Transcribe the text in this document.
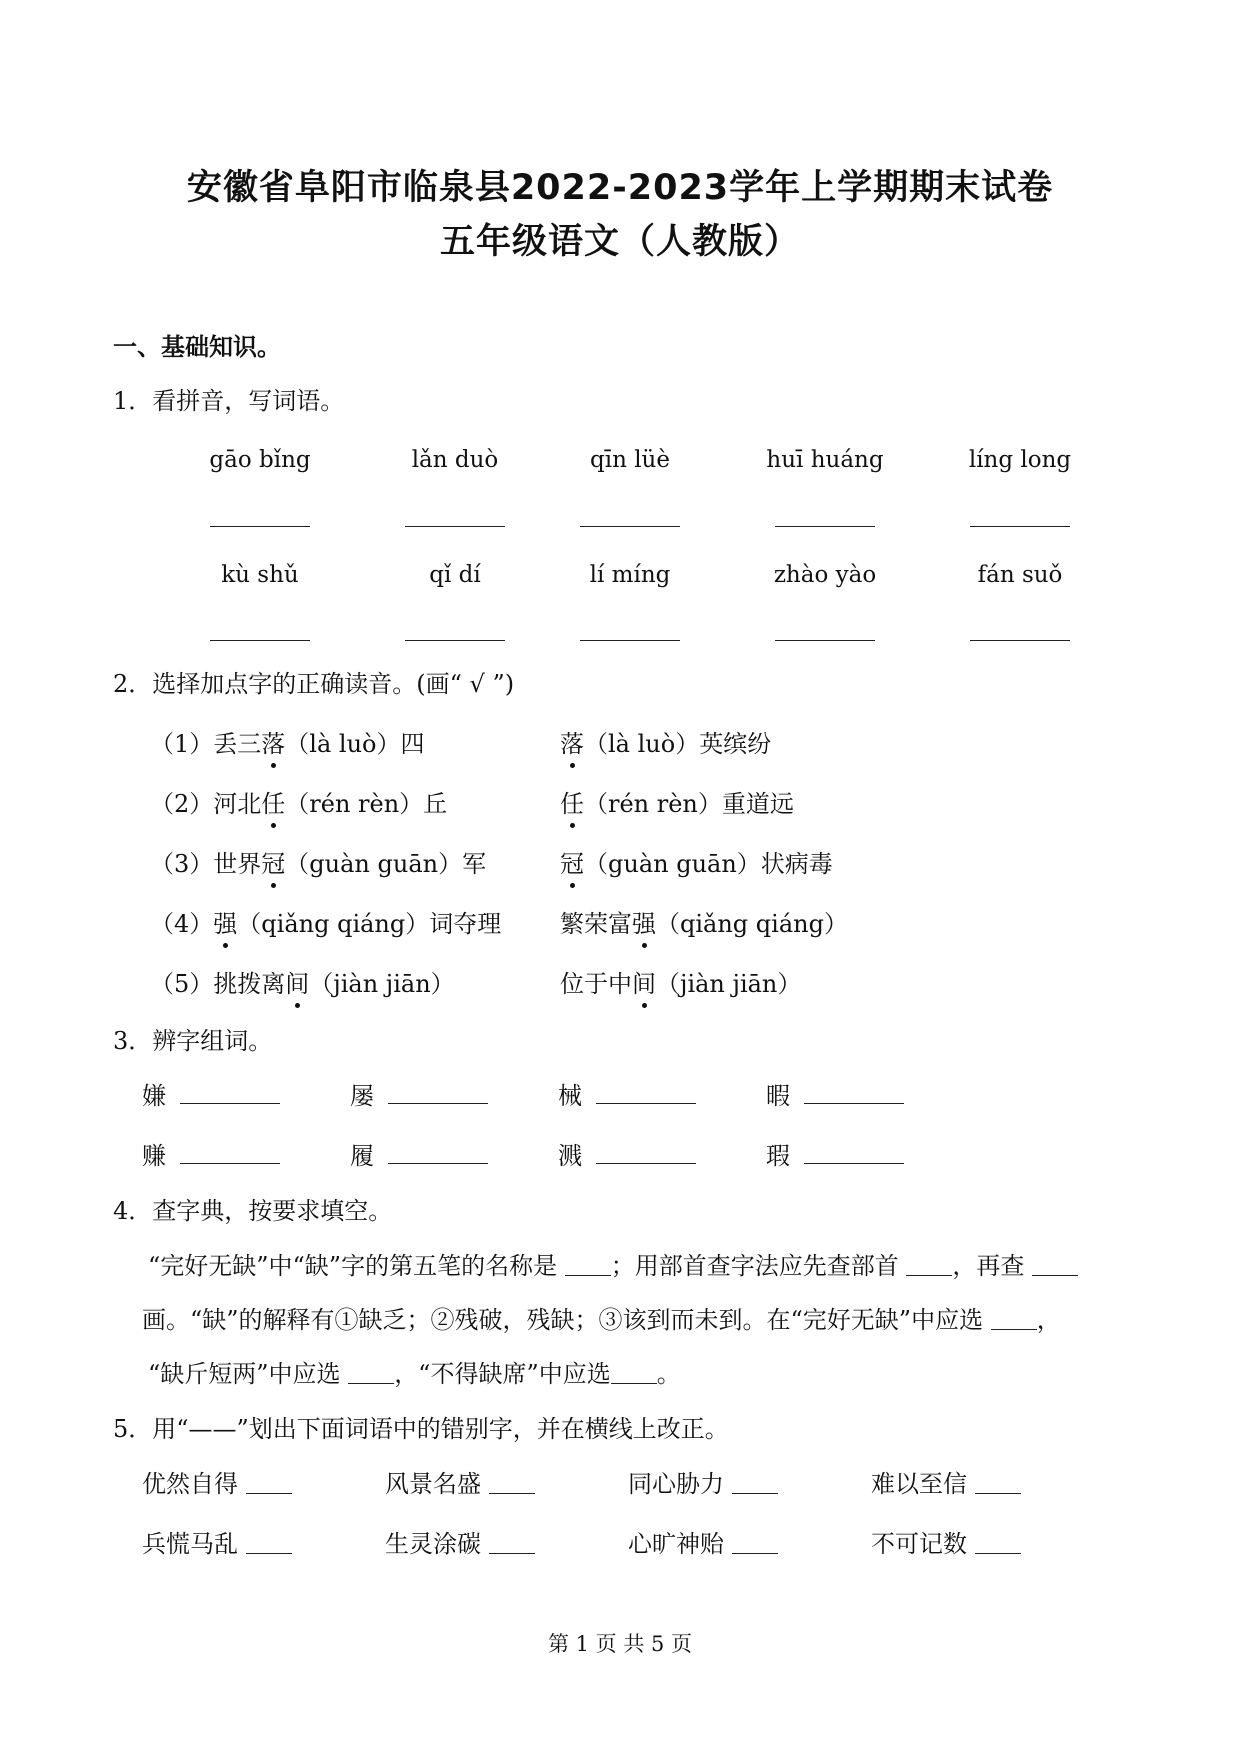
安徽省阜阳市临泉县2022-2023学年上学期期末试卷
五年级语文（人教版）
一、基础知识。
1．看拼音，写词语。
gāo bǐng	lǎn duò	qīn lüè	huī huáng	líng long
kù shǔ	qǐ dí	lí míng	zhào yào	fán suǒ
2．选择加点字的正确读音。(画“ √ ”)
（1）丢三落（là luò）四	落（là luò）英缤纷
（2）河北任（rén rèn）丘	任（rén rèn）重道远
（3）世界冠（guàn guān）军	冠（guàn guān）状病毒
（4）强（qiǎng qiáng）词夺理 繁荣富强（qiǎng qiáng）
（5）挑拨离间（jiàn jiān）	位于中间（jiàn jiān）
3．辨字组词。
嫌	屡	械	暇
赚	履	溅	瑕
4．查字典，按要求填空。
“完好无缺”中“缺”字的第五笔的名称是 ；用部首查字法应先查部首 ，再查
画。“缺”的解释有①缺乏；②残破，残缺；③该到而未到。在“完好无缺”中应选 ，
“缺斤短两”中应选 ，“不得缺席”中应选 。
5．用“——”划出下面词语中的错别字，并在横线上改正。
优然自得	风景名盛	同心胁力	难以至信
兵慌马乱	生灵涂碳	心旷神贻	不可记数
第 1 页 共 5 页
